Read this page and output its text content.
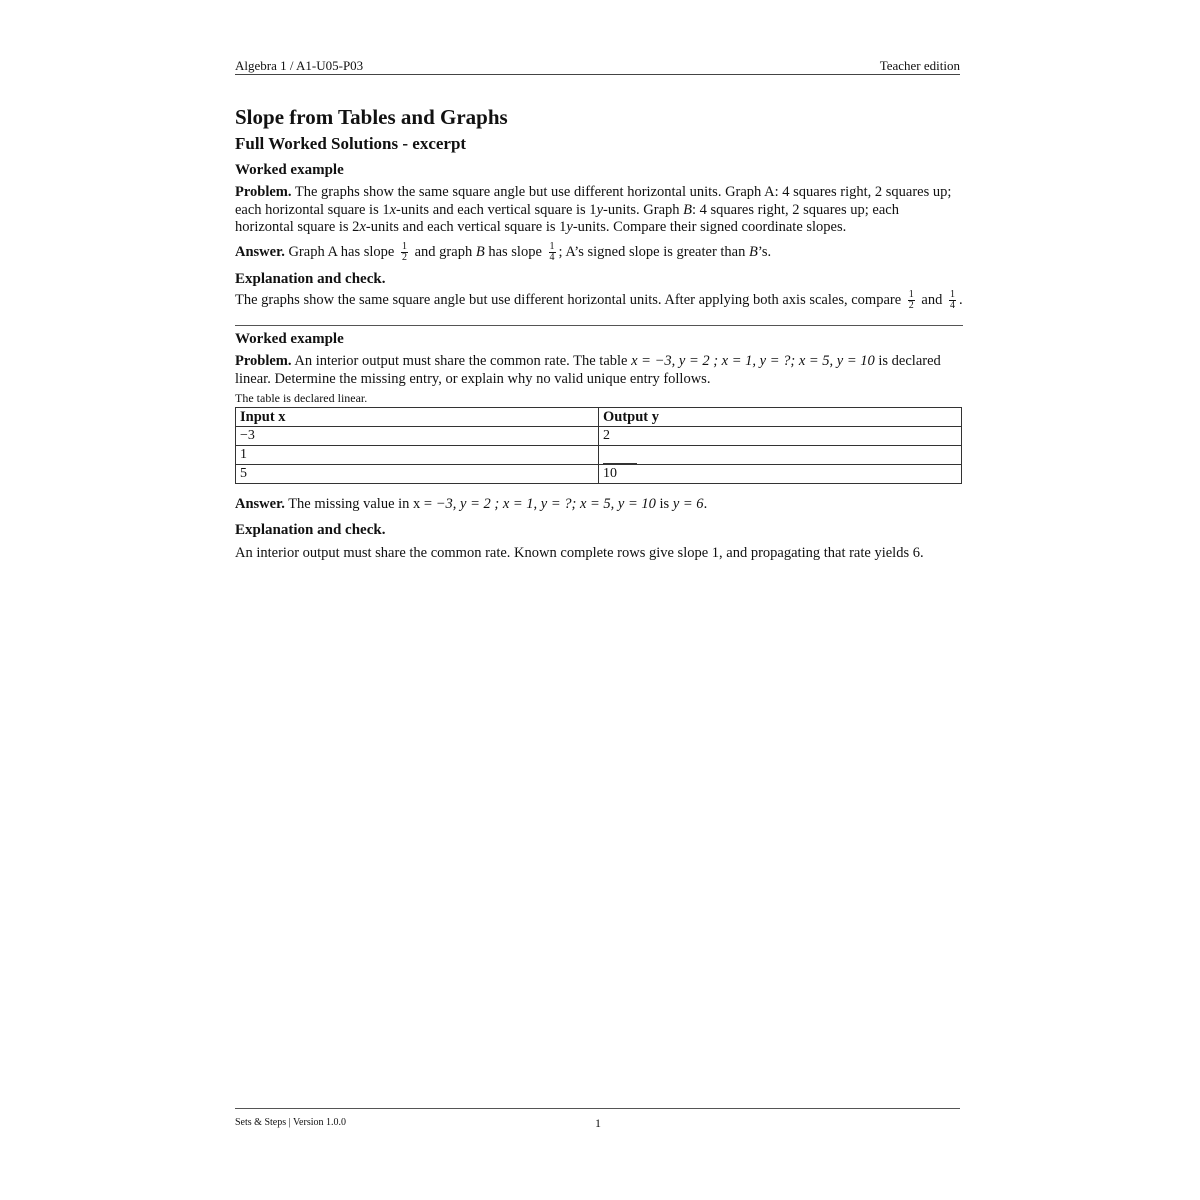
Algebra 1 / A1-U05-P03	Teacher edition
Slope from Tables and Graphs
Full Worked Solutions - excerpt
Worked example
Problem. The graphs show the same square angle but use different horizontal units. Graph A: 4 squares right, 2 squares up;
each horizontal square is 1x-units and each vertical square is 1y-units. Graph B: 4 squares right, 2 squares up; each
horizontal square is 2x-units and each vertical square is 1y-units. Compare their signed coordinate slopes.
Answer. Graph A has slope $\frac{1}{2}$ and graph B has slope $\frac{1}{4}$ ; A’s signed slope is greater than B’s.
Explanation and check.
The graphs show the same square angle but use different horizontal units. After applying both axis scales, compare $\frac{1}{2}$ and $\frac{1}{4}$ .
Worked example
Problem. An interior output must share the common rate. The table x = −3, y = 2 ; x = 1, y = ?; x = 5, y = 10 is declared
linear. Determine the missing entry, or explain why no valid unique entry follows.
The table is declared linear.
Input x	Output y
−3	2
1	
5	10
Answer. The missing value in x = −3, y = 2 ; x = 1, y = ?; x = 5, y = 10 is y = 6.
Explanation and check.
An interior output must share the common rate. Known complete rows give slope 1, and propagating that rate yields 6.
Sets & Steps | Version 1.0.0	1
